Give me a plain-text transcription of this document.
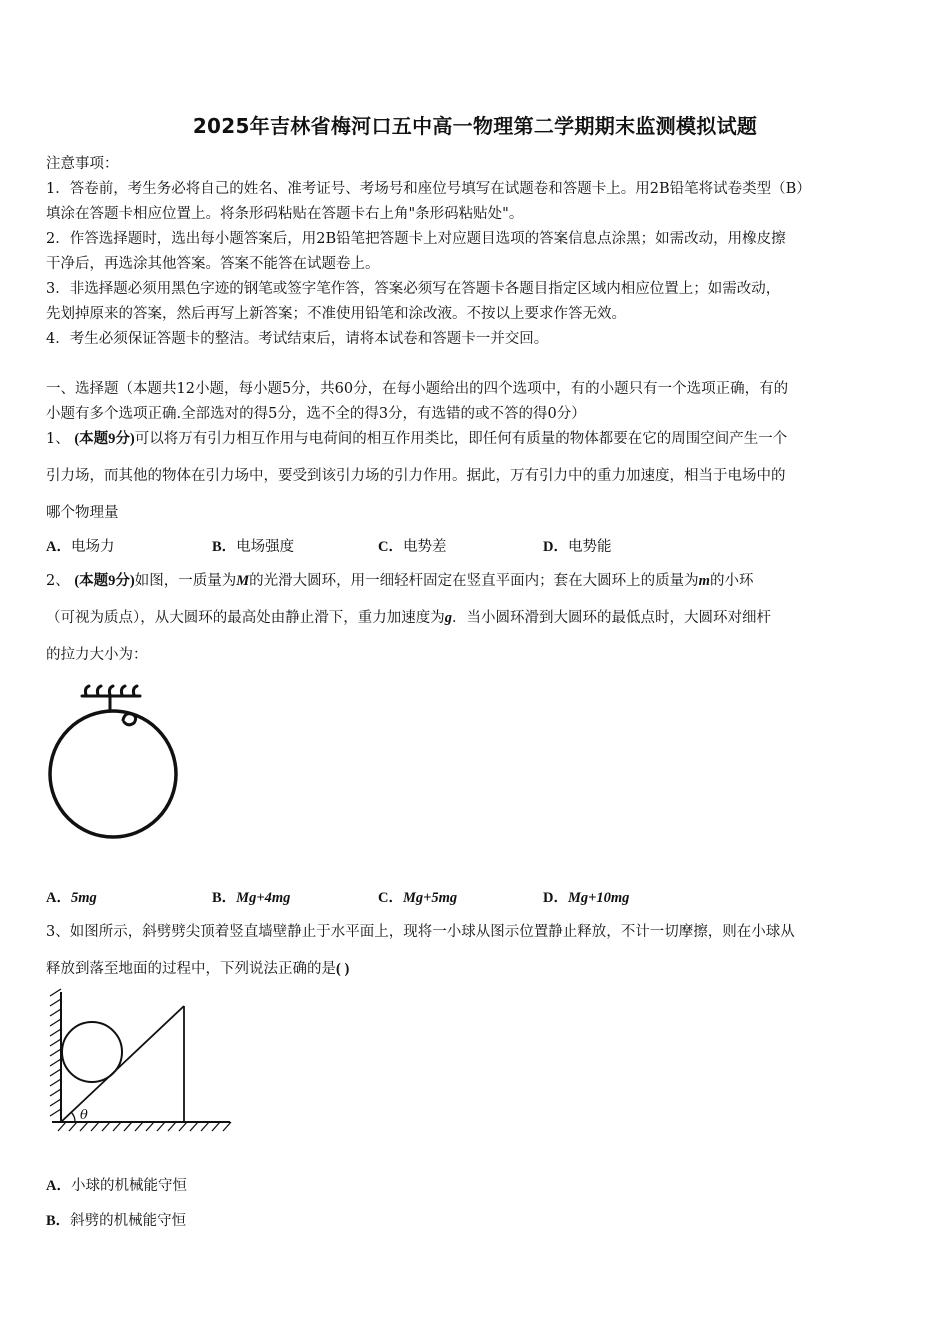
2025年吉林省梅河口五中高一物理第二学期期末监测模拟试题
注意事项：
1．答卷前，考生务必将自己的姓名、准考证号、考场号和座位号填写在试题卷和答题卡上。用2B铅笔将试卷类型（B）
填涂在答题卡相应位置上。将条形码粘贴在答题卡右上角"条形码粘贴处"。
2．作答选择题时，选出每小题答案后，用2B铅笔把答题卡上对应题目选项的答案信息点涂黑；如需改动，用橡皮擦
干净后，再选涂其他答案。答案不能答在试题卷上。
3．非选择题必须用黑色字迹的钢笔或签字笔作答，答案必须写在答题卡各题目指定区域内相应位置上；如需改动，
先划掉原来的答案，然后再写上新答案；不准使用铅笔和涂改液。不按以上要求作答无效。
4．考生必须保证答题卡的整洁。考试结束后，请将本试卷和答题卡一并交回。
一、选择题（本题共12小题，每小题5分，共60分，在每小题给出的四个选项中，有的小题只有一个选项正确，有的
小题有多个选项正确.全部选对的得5分，选不全的得3分，有选错的或不答的得0分）
1、 (本题9分)可以将万有引力相互作用与电荷间的相互作用类比，即任何有质量的物体都要在它的周围空间产生一个
引力场，而其他的物体在引力场中，要受到该引力场的引力作用。据此，万有引力中的重力加速度，相当于电场中的
哪个物理量
A．电场力	B．电场强度	C．电势差	D．电势能
2、 (本题9分)如图，一质量为M的光滑大圆环，用一细轻杆固定在竖直平面内；套在大圆环上的质量为m的小环
（可视为质点），从大圆环的最高处由静止滑下，重力加速度为g．当小圆环滑到大圆环的最低点时，大圆环对细杆
的拉力大小为：
A．5mg	B．Mg+4mg	C．Mg+5mg	D．Mg+10mg
3、如图所示，斜劈劈尖顶着竖直墙壁静止于水平面上，现将一小球从图示位置静止释放，不计一切摩擦，则在小球从
释放到落至地面的过程中，下列说法正确的是( )
θ
A．小球的机械能守恒
B．斜劈的机械能守恒
